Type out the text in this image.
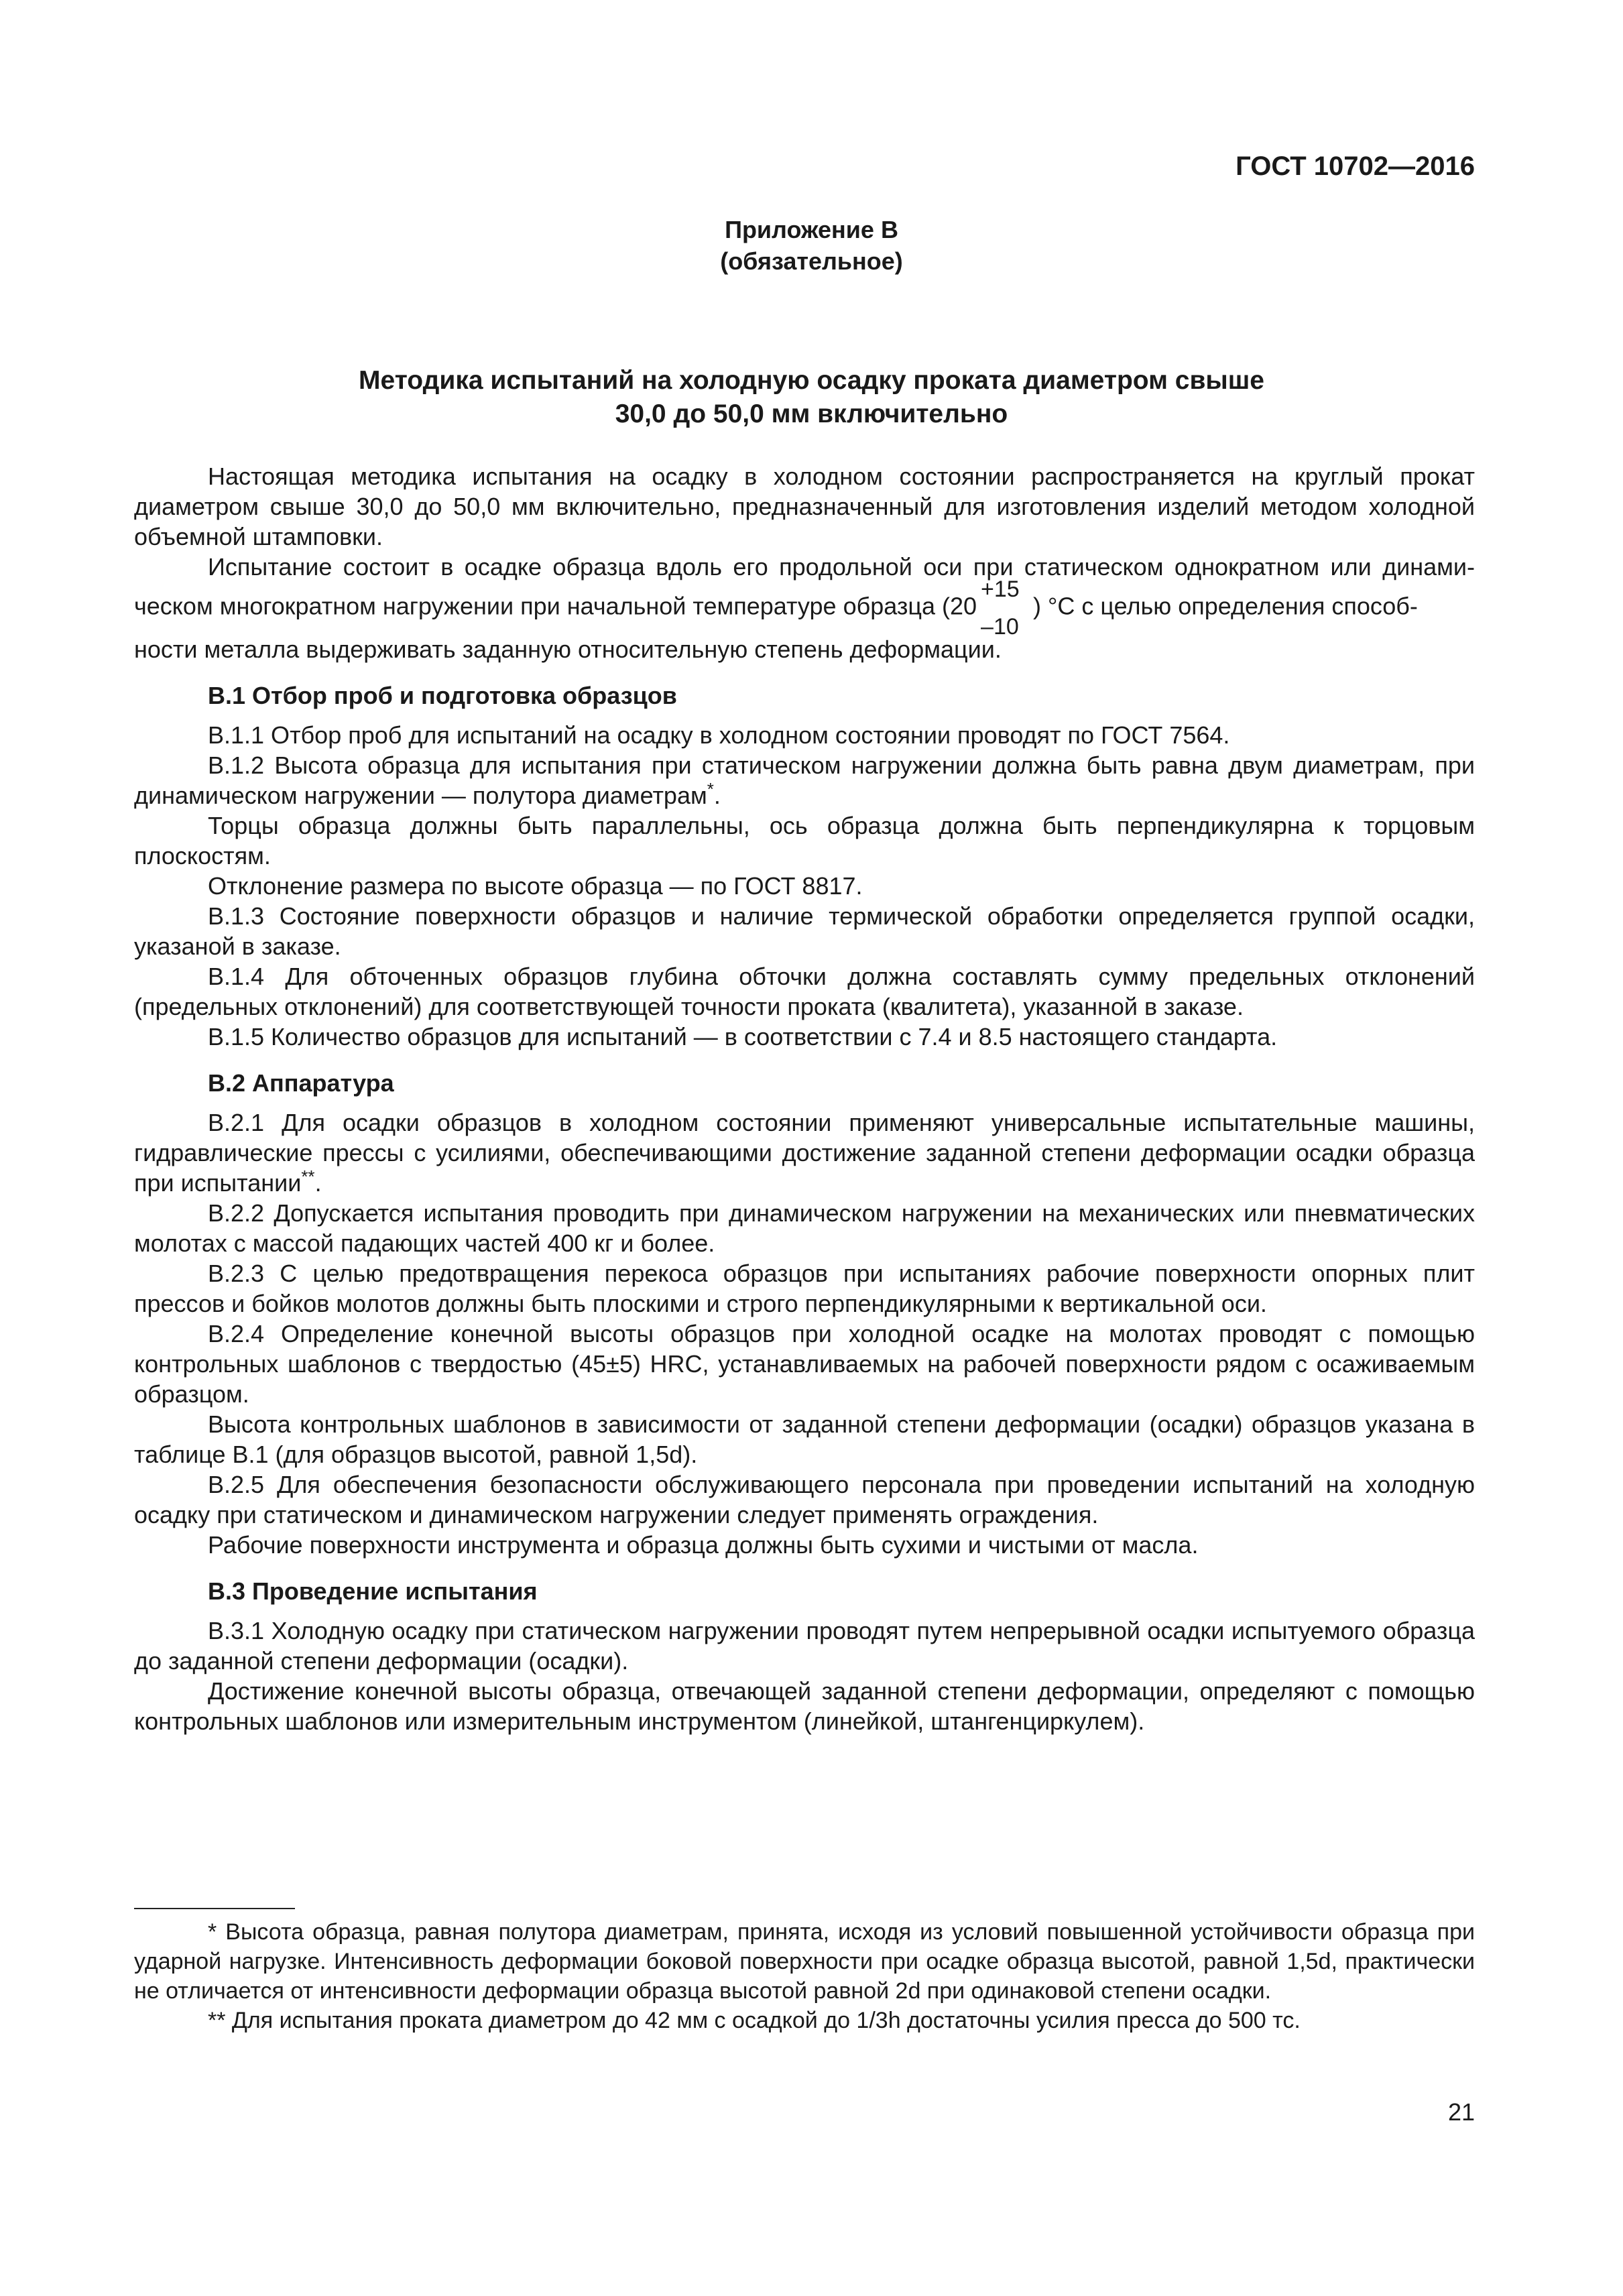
ГОСТ 10702—2016
Приложение В
(обязательное)
Методика испытаний на холодную осадку проката диаметром свыше
30,0 до 50,0 мм включительно

Настоящая методика испытания на осадку в холодном состоянии распространяется на круглый прокат диаметром свыше 30,0 до 50,0 мм включительно, предназначенный для изготовления изделий методом холодной объемной штамповки.

Испытание состоит в осадке образца вдоль его продольной оси при статическом однократном или динами-

ческом многократном нагружении при начальной температуре образца (20
+15
–10
) °С с целью определения способ-

ности металла выдерживать заданную относительную степень деформации.

В.1 Отбор проб и подготовка образцов

В.1.1 Отбор проб для испытаний на осадку в холодном состоянии проводят по ГОСТ 7564.

В.1.2 Высота образца для испытания при статическом нагружении должна быть равна двум диаметрам, при динамическом нагружении — полутора диаметрам*.

Торцы образца должны быть параллельны, ось образца должна быть перпендикулярна к торцовым плоскостям.

Отклонение размера по высоте образца — по ГОСТ 8817.

В.1.3 Состояние поверхности образцов и наличие термической обработки определяется группой осадки, указаной в заказе.

В.1.4 Для обточенных образцов глубина обточки должна составлять сумму предельных отклонений (предельных отклонений) для соответствующей точности проката (квалитета), указанной в заказе.

В.1.5 Количество образцов для испытаний — в соответствии с 7.4 и 8.5 настоящего стандарта.

В.2 Аппаратура

В.2.1 Для осадки образцов в холодном состоянии применяют универсальные испытательные машины, гидравлические прессы с усилиями, обеспечивающими достижение заданной степени деформации осадки образца при испытании**.

В.2.2 Допускается испытания проводить при динамическом нагружении на механических или пневматических молотах с массой падающих частей 400 кг и более.

В.2.3 С целью предотвращения перекоса образцов при испытаниях рабочие поверхности опорных плит прессов и бойков молотов должны быть плоскими и строго перпендикулярными к вертикальной оси.

В.2.4 Определение конечной высоты образцов при холодной осадке на молотах проводят с помощью контрольных шаблонов с твердостью (45±5) HRC, устанавливаемых на рабочей поверхности рядом с осаживаемым образцом.

Высота контрольных шаблонов в зависимости от заданной степени деформации (осадки) образцов указана в таблице В.1 (для образцов высотой, равной 1,5d).

В.2.5 Для обеспечения безопасности обслуживающего персонала при проведении испытаний на холодную осадку при статическом и динамическом нагружении следует применять ограждения.

Рабочие поверхности инструмента и образца должны быть сухими и чистыми от масла.

В.3 Проведение испытания

В.3.1 Холодную осадку при статическом нагружении проводят путем непрерывной осадки испытуемого образца до заданной степени деформации (осадки).

Достижение конечной высоты образца, отвечающей заданной степени деформации, определяют с помощью контрольных шаблонов или измерительным инструментом (линейкой, штангенциркулем).

* Высота образца, равная полутора диаметрам, принята, исходя из условий повышенной устойчивости образца при ударной нагрузке. Интенсивность деформации боковой поверхности при осадке образца высотой, равной 1,5d, практически не отличается от интенсивности деформации образца высотой равной 2d при одинаковой степени осадки.

** Для испытания проката диаметром до 42 мм с осадкой до 1/3h достаточны усилия пресса до 500 тс.

21
